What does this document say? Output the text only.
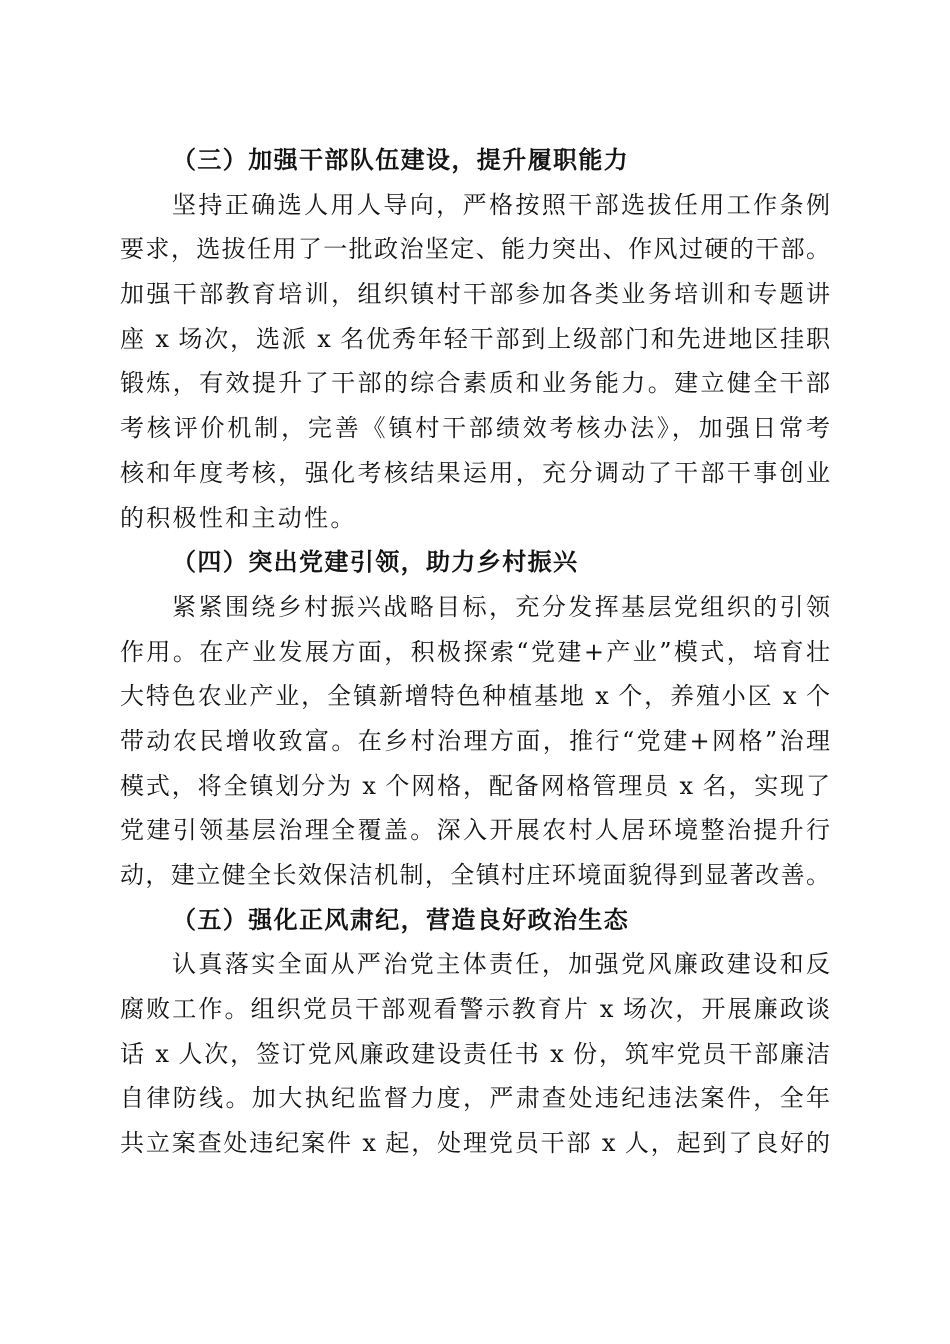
（三）加强干部队伍建设，提升履职能力
坚持正确选人用人导向，严格按照干部选拔任用工作条例
要求，选拔任用了一批政治坚定、能力突出、作风过硬的干部。
加强干部教育培训，组织镇村干部参加各类业务培训和专题讲
座 x 场次，选派 x 名优秀年轻干部到上级部门和先进地区挂职
锻炼，有效提升了干部的综合素质和业务能力。建立健全干部
考核评价机制，完善《镇村干部绩效考核办法》，加强日常考
核和年度考核，强化考核结果运用，充分调动了干部干事创业
的积极性和主动性。
（四）突出党建引领，助力乡村振兴
紧紧围绕乡村振兴战略目标，充分发挥基层党组织的引领
作用。在产业发展方面，积极探索“党建+产业”模式，培育壮
大特色农业产业，全镇新增特色种植基地 x 个，养殖小区 x 个
带动农民增收致富。在乡村治理方面，推行“党建+网格”治理
模式，将全镇划分为 x 个网格，配备网格管理员 x 名，实现了
党建引领基层治理全覆盖。深入开展农村人居环境整治提升行
动，建立健全长效保洁机制，全镇村庄环境面貌得到显著改善。
（五）强化正风肃纪，营造良好政治生态
认真落实全面从严治党主体责任，加强党风廉政建设和反
腐败工作。组织党员干部观看警示教育片 x 场次，开展廉政谈
话 x 人次，签订党风廉政建设责任书 x 份，筑牢党员干部廉洁
自律防线。加大执纪监督力度，严肃查处违纪违法案件，全年
共立案查处违纪案件 x 起，处理党员干部 x 人，起到了良好的
